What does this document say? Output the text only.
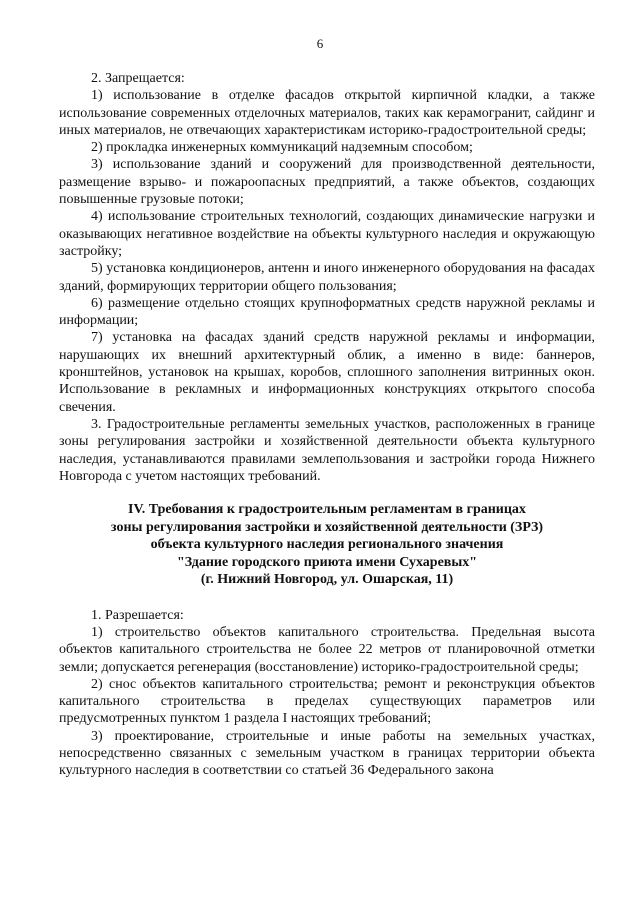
6

2. Запрещается:

1) использование в отделке фасадов открытой кирпичной кладки, а также использование современных отделочных материалов, таких как керамогранит, сайдинг и иных материалов, не отвечающих характеристикам историко-градостроительной среды;

2) прокладка инженерных коммуникаций надземным способом;

3) использование зданий и сооружений для производственной деятельности, размещение взрыво- и пожароопасных предприятий, а также объектов, создающих повышенные грузовые потоки;

4) использование строительных технологий, создающих динамические нагрузки и оказывающих негативное воздействие на объекты культурного наследия и окружающую застройку;

5) установка кондиционеров, антенн и иного инженерного оборудования на фасадах зданий, формирующих территории общего пользования;

6) размещение отдельно стоящих крупноформатных средств наружной рекламы и информации;

7) установка на фасадах зданий средств наружной рекламы и информации, нарушающих их внешний архитектурный облик, а именно в виде: баннеров, кронштейнов, установок на крышах, коробов, сплошного заполнения витринных окон. Использование в рекламных и информационных конструкциях открытого способа свечения.

3. Градостроительные регламенты земельных участков, расположенных в границе зоны регулирования застройки и хозяйственной деятельности объекта культурного наследия, устанавливаются правилами землепользования и застройки города Нижнего Новгорода с учетом настоящих требований.

IV. Требования к градостроительным регламентам в границах
зоны регулирования застройки и хозяйственной деятельности (ЗРЗ)
объекта культурного наследия регионального значения
"Здание городского приюта имени Сухаревых"
(г. Нижний Новгород, ул. Ошарская, 11)

1. Разрешается:

1) строительство объектов капитального строительства. Предельная высота объектов капитального строительства не более 22 метров от планировочной отметки земли; допускается регенерация (восстановление) историко-градостроительной среды;

2) снос объектов капитального строительства; ремонт и реконструкция объектов капитального строительства в пределах существующих параметров или предусмотренных пунктом 1 раздела I настоящих требований;

3) проектирование, строительные и иные работы на земельных участках, непосредственно связанных с земельным участком в границах территории объекта культурного наследия в соответствии со статьей 36 Федерального закона
